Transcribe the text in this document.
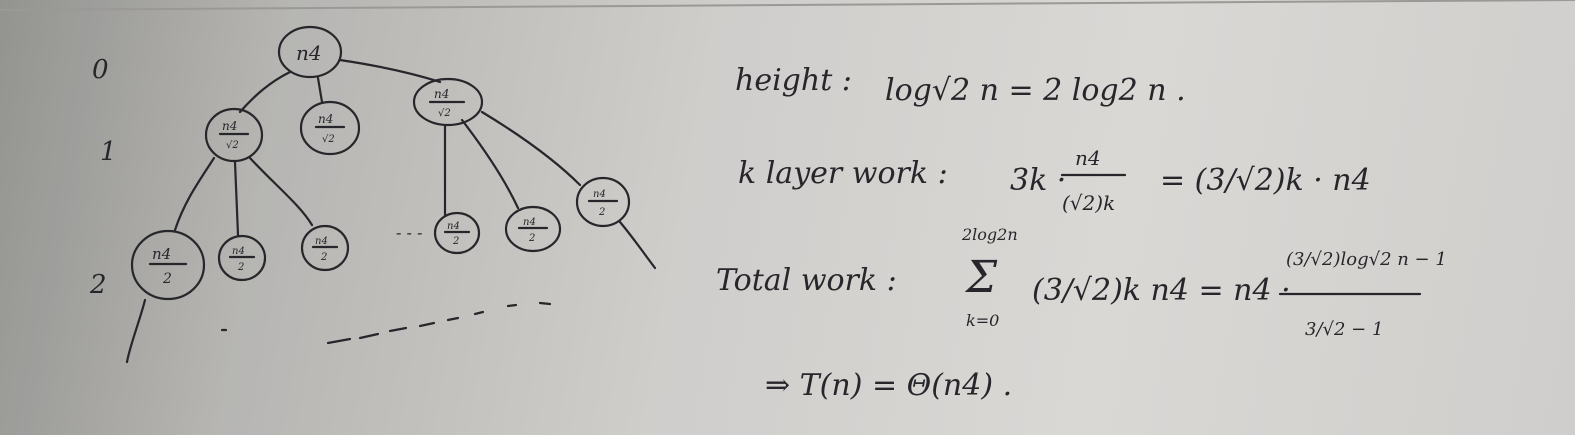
0
1
2
n4
n4
√2
n4
√2
n4
√2
n4
2
n4
2
n4
2
- - - n4
2
n4
2
n4
2
height : log√2 n = 2 log2 n .
k layer work : 3k ·
n4
(√2)k
= (3/√2)k · n4
Total work :
2log2n
Σ
k=0
(3/√2)k n4 = n4 ·
(3/√2)log√2 n − 1
3/√2 − 1
⇒ T(n) = Θ(n4) .
